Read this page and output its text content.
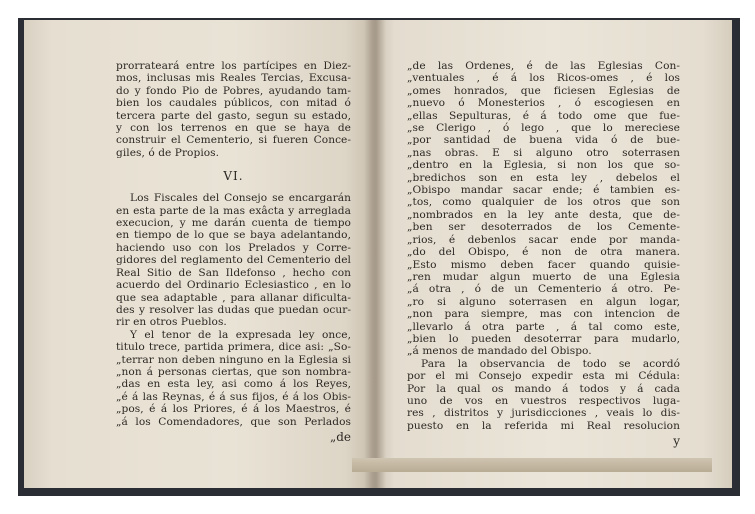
prorrateará entre los partícipes en Diez-
mos, inclusas mis Reales Tercias, Excusa-
do y fondo Pio de Pobres, ayudando tam-
bien los caudales públicos, con mitad ó
tercera parte del gasto, segun su estado,
y con los terrenos en que se haya de
construir el Cementerio, si fueren Conce-
giles, ó de Propios.
VI.
Los Fiscales del Consejo se encargarán
en esta parte de la mas exâcta y arreglada
execucion, y me darán cuenta de tiempo
en tiempo de lo que se baya adelantando,
haciendo uso con los Prelados y Corre-
gidores del reglamento del Cementerio del
Real Sitio de San Ildefonso , hecho con
acuerdo del Ordinario Eclesiastico , en lo
que sea adaptable , para allanar dificulta-
des y resolver las dudas que puedan ocur-
rir en otros Pueblos.
Y el tenor de la expresada ley once,
titulo trece, partida primera, dice asi: „So-
„terrar non deben ninguno en la Eglesia si
„non á personas ciertas, que son nombra-
„das en esta ley, asi como á los Reyes,
„é á las Reynas, é á sus fijos, é á los Obis-
„pos, é á los Priores, é á los Maestros, é
„á los Comendadores, que son Perlados
„de
„de las Ordenes, é de las Eglesias Con-
„ventuales , é á los Ricos-omes , é los
„omes honrados, que ficiesen Eglesias de
„nuevo ó Monesterios , ó escogiesen en
„ellas Sepulturas, é á todo ome que fue-
„se Clerigo , ó lego , que lo mereciese
„por santidad de buena vida ó de bue-
„nas obras. E si alguno otro soterrasen
„dentro en la Eglesia, si non los que so-
„bredichos son en esta ley , debelos el
„Obispo mandar sacar ende; é tambien es-
„tos, como qualquier de los otros que son
„nombrados en la ley ante desta, que de-
„ben ser desoterrados de los Cemente-
„rios, é debenlos sacar ende por manda-
„do del Obispo, é non de otra manera.
„Esto mismo deben facer quando quisie-
„ren mudar algun muerto de una Eglesia
„á otra , ó de un Cementerio á otro. Pe-
„ro si alguno soterrasen en algun logar,
„non para siempre, mas con intencion de
„llevarlo á otra parte , á tal como este,
„bien lo pueden desoterrar para mudarlo,
„á menos de mandado del Obispo.
Para la observancia de todo se acordó
por el mi Consejo expedir esta mi Cédula:
Por la qual os mando á todos y á cada
uno de vos en vuestros respectivos luga-
res , distritos y jurisdicciones , veais lo dis-
puesto en la referida mi Real resolucion
y
